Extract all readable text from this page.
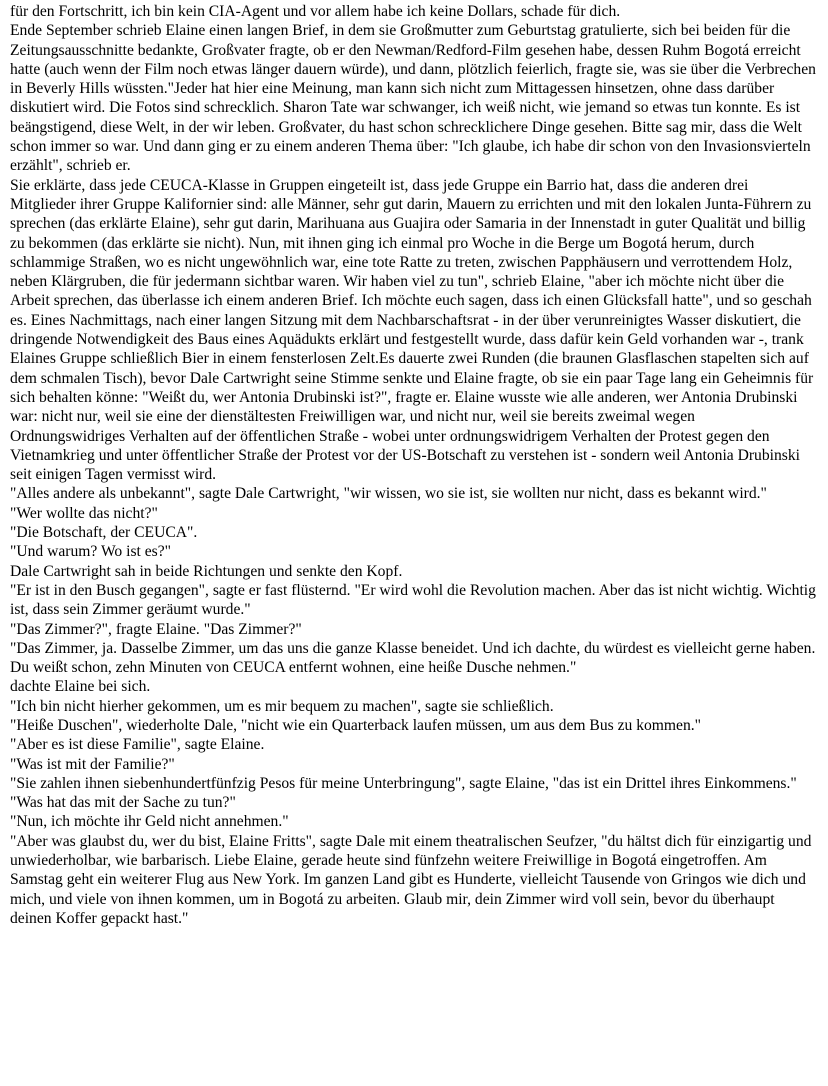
für den Fortschritt, ich bin kein CIA-Agent und vor allem habe ich keine Dollars, schade für dich.

Ende September schrieb Elaine einen langen Brief, in dem sie Großmutter zum Geburtstag gratulierte, sich bei beiden für die Zeitungsausschnitte bedankte, Großvater fragte, ob er den Newman/Redford-Film gesehen habe, dessen Ruhm Bogotá erreicht hatte (auch wenn der Film noch etwas länger dauern würde), und dann, plötzlich feierlich, fragte sie, was sie über die Verbrechen in Beverly Hills wüssten."Jeder hat hier eine Meinung, man kann sich nicht zum Mittagessen hinsetzen, ohne dass darüber diskutiert wird. Die Fotos sind schrecklich. Sharon Tate war schwanger, ich weiß nicht, wie jemand so etwas tun konnte. Es ist beängstigend, diese Welt, in der wir leben. Großvater, du hast schon schrecklichere Dinge gesehen. Bitte sag mir, dass die Welt schon immer so war. Und dann ging er zu einem anderen Thema über: "Ich glaube, ich habe dir schon von den Invasionsvierteln erzählt", schrieb er.

Sie erklärte, dass jede CEUCA-Klasse in Gruppen eingeteilt ist, dass jede Gruppe ein Barrio hat, dass die anderen drei Mitglieder ihrer Gruppe Kalifornier sind: alle Männer, sehr gut darin, Mauern zu errichten und mit den lokalen Junta-Führern zu sprechen (das erklärte Elaine), sehr gut darin, Marihuana aus Guajira oder Samaria in der Innenstadt in guter Qualität und billig zu bekommen (das erklärte sie nicht). Nun, mit ihnen ging ich einmal pro Woche in die Berge um Bogotá herum, durch schlammige Straßen, wo es nicht ungewöhnlich war, eine tote Ratte zu treten, zwischen Papphäusern und verrottendem Holz, neben Klärgruben, die für jedermann sichtbar waren. Wir haben viel zu tun", schrieb Elaine, "aber ich möchte nicht über die Arbeit sprechen, das überlasse ich einem anderen Brief. Ich möchte euch sagen, dass ich einen Glücksfall hatte", und so geschah es. Eines Nachmittags, nach einer langen Sitzung mit dem Nachbarschaftsrat - in der über verunreinigtes Wasser diskutiert, die dringende Notwendigkeit des Baus eines Aquädukts erklärt und festgestellt wurde, dass dafür kein Geld vorhanden war -, trank Elaines Gruppe schließlich Bier in einem fensterlosen Zelt.Es dauerte zwei Runden (die braunen Glasflaschen stapelten sich auf dem schmalen Tisch), bevor Dale Cartwright seine Stimme senkte und Elaine fragte, ob sie ein paar Tage lang ein Geheimnis für sich behalten könne: "Weißt du, wer Antonia Drubinski ist?", fragte er. Elaine wusste wie alle anderen, wer Antonia Drubinski war: nicht nur, weil sie eine der dienstältesten Freiwilligen war, und nicht nur, weil sie bereits zweimal wegen

Ordnungswidriges Verhalten auf der öffentlichen Straße - wobei unter ordnungswidrigem Verhalten der Protest gegen den Vietnamkrieg und unter öffentlicher Straße der Protest vor der US-Botschaft zu verstehen ist - sondern weil Antonia Drubinski seit einigen Tagen vermisst wird.

"Alles andere als unbekannt", sagte Dale Cartwright, "wir wissen, wo sie ist, sie wollten nur nicht, dass es bekannt wird."

"Wer wollte das nicht?"

"Die Botschaft, der CEUCA".

"Und warum? Wo ist es?"

Dale Cartwright sah in beide Richtungen und senkte den Kopf.

"Er ist in den Busch gegangen", sagte er fast flüsternd. "Er wird wohl die Revolution machen. Aber das ist nicht wichtig. Wichtig ist, dass sein Zimmer geräumt wurde."

"Das Zimmer?", fragte Elaine. "Das Zimmer?"

"Das Zimmer, ja. Dasselbe Zimmer, um das uns die ganze Klasse beneidet. Und ich dachte, du würdest es vielleicht gerne haben. Du weißt schon, zehn Minuten von CEUCA entfernt wohnen, eine heiße Dusche nehmen."

dachte Elaine bei sich.

"Ich bin nicht hierher gekommen, um es mir bequem zu machen", sagte sie schließlich.

"Heiße Duschen", wiederholte Dale, "nicht wie ein Quarterback laufen müssen, um aus dem Bus zu kommen."

"Aber es ist diese Familie", sagte Elaine.

"Was ist mit der Familie?"

"Sie zahlen ihnen siebenhundertfünfzig Pesos für meine Unterbringung", sagte Elaine, "das ist ein Drittel ihres Einkommens."

"Was hat das mit der Sache zu tun?"

"Nun, ich möchte ihr Geld nicht annehmen."

"Aber was glaubst du, wer du bist, Elaine Fritts", sagte Dale mit einem theatralischen Seufzer, "du hältst dich für einzigartig und unwiederholbar, wie barbarisch. Liebe Elaine, gerade heute sind fünfzehn weitere Freiwillige in Bogotá eingetroffen. Am Samstag geht ein weiterer Flug aus New York. Im ganzen Land gibt es Hunderte, vielleicht Tausende von Gringos wie dich und mich, und viele von ihnen kommen, um in Bogotá zu arbeiten. Glaub mir, dein Zimmer wird voll sein, bevor du überhaupt deinen Koffer gepackt hast."
